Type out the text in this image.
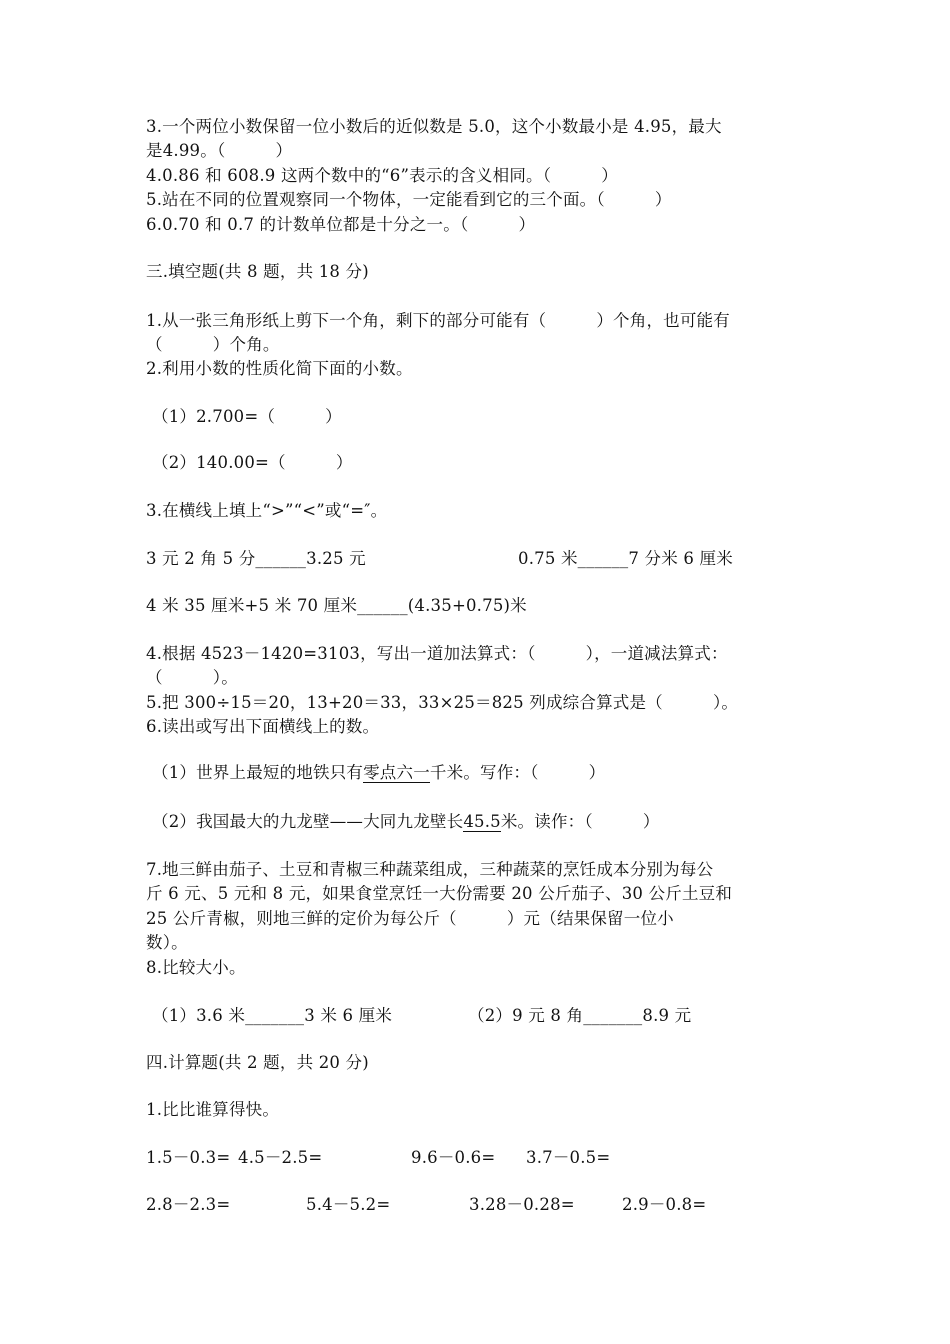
3.一个两位小数保留一位小数后的近似数是 5.0，这个小数最小是 4.95，最大
是4.99。（　　　）
4.0.86 和 608.9 这两个数中的“6”表示的含义相同。（　　　）
5.站在不同的位置观察同一个物体，一定能看到它的三个面。（　　　）
6.0.70 和 0.7 的计数单位都是十分之一。（　　　）
三.填空题(共 8 题，共 18 分)
1.从一张三角形纸上剪下一个角，剩下的部分可能有（　　　）个角，也可能有
（　　　）个角。
2.利用小数的性质化简下面的小数。
（1）2.700=（　　　）
（2）140.00=（　　　）
3.在横线上填上“>”“<”或“=″。
3 元 2 角 5 分______3.25 元	0.75 米______7 分米 6 厘米
4 米 35 厘米+5 米 70 厘米______(4.35+0.75)米
4.根据 4523－1420=3103，写出一道加法算式：（　　　），一道减法算式：
（　　　）。
5.把 300÷15＝20，13+20＝33，33×25＝825 列成综合算式是（　　　）。
6.读出或写出下面横线上的数。
（1）世界上最短的地铁只有零点六一千米。写作：（　　　）
（2）我国最大的九龙壁——大同九龙壁长45.5米。读作：（　　　）
7.地三鲜由茄子、土豆和青椒三种蔬菜组成，三种蔬菜的烹饪成本分别为每公
斤 6 元、5 元和 8 元，如果食堂烹饪一大份需要 20 公斤茄子、30 公斤土豆和
25 公斤青椒，则地三鲜的定价为每公斤（　　　）元（结果保留一位小
数）。
8.比较大小。
（1）3.6 米_______3 米 6 厘米	（2）9 元 8 角_______8.9 元
四.计算题(共 2 题，共 20 分)
1.比比谁算得快。
1.5－0.3= 4.5－2.5=	9.6－0.6= 3.7－0.5=
2.8－2.3=	5.4－5.2=	3.28－0.28=	2.9－0.8=
